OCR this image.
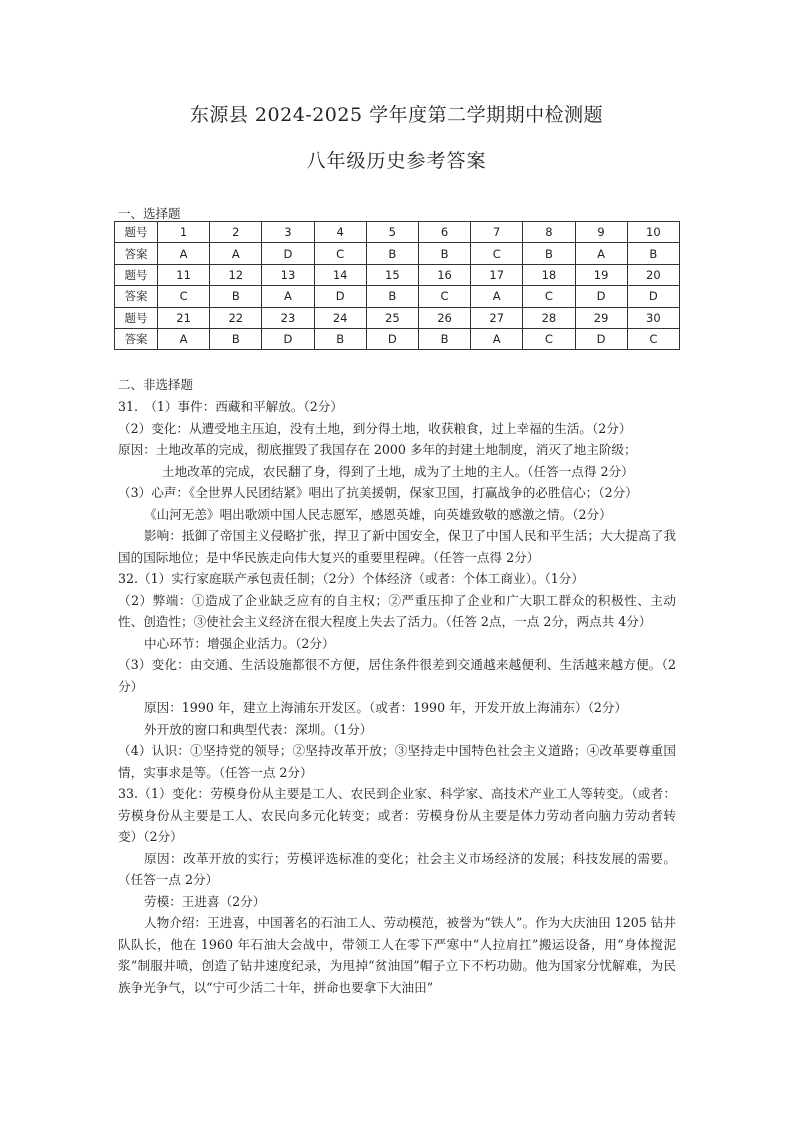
东源县 2024-2025 学年度第二学期期中检测题
八年级历史参考答案
一、选择题
题号	1	2	3	4	5	6	7	8	9	10
答案	A	A	D	C	B	B	C	B	A	B
题号	11	12	13	14	15	16	17	18	19	20
答案	C	B	A	D	B	C	A	C	D	D
题号	21	22	23	24	25	26	27	28	29	30
答案	A	B	D	B	D	B	A	C	D	C
二、非选择题

31.　（1）事件：西藏和平解放。（2分）

（2）变化：从遭受地主压迫，没有土地，到分得土地，收获粮食，过上幸福的生活。（2分）

原因：土地改革的完成，彻底摧毁了我国存在 2000 多年的封建土地制度，消灭了地主阶级；

土地改革的完成，农民翻了身，得到了土地，成为了土地的主人。（任答一点得 2分）

（3）心声：《全世界人民团结紧》唱出了抗美援朝，保家卫国，打赢战争的必胜信心；（2分）

《山河无恙》唱出歌颂中国人民志愿军，感恩英雄，向英雄致敬的感激之情。（2分）

影响：抵御了帝国主义侵略扩张，捍卫了新中国安全，保卫了中国人民和平生活；大大提高了我国的国际地位；是中华民族走向伟大复兴的重要里程碑。（任答一点得 2分）

32.（1）实行家庭联产承包责任制；（2分）个体经济（或者：个体工商业）。（1分）

（2）弊端：①造成了企业缺乏应有的自主权；②严重压抑了企业和广大职工群众的积极性、主动性、创造性；③使社会主义经济在很大程度上失去了活力。（任答 2点，一点 2分，两点共 4分）

中心环节：增强企业活力。（2分）

（3）变化：由交通、生活设施都很不方便，居住条件很差到交通越来越便利、生活越来越方便。（2分）

原因：1990 年，建立上海浦东开发区。（或者：1990 年，开发开放上海浦东）（2分）

外开放的窗口和典型代表：深圳。（1分）

（4）认识：①坚持党的领导；②坚持改革开放；③坚持走中国特色社会主义道路；④改革要尊重国情，实事求是等。（任答一点 2分）

33.（1）变化：劳模身份从主要是工人、农民到企业家、科学家、高技术产业工人等转变。（或者：劳模身份从主要是工人、农民向多元化转变；或者：劳模身份从主要是体力劳动者向脑力劳动者转变）（2分）

原因：改革开放的实行；劳模评选标准的变化；社会主义市场经济的发展；科技发展的需要。（任答一点 2分）

劳模：王进喜（2分）

人物介绍：王进喜，中国著名的石油工人、劳动模范，被誉为“铁人”。作为大庆油田 1205 钻井队队长，他在 1960 年石油大会战中，带领工人在零下严寒中“人拉肩扛”搬运设备，用“身体搅泥浆”制服井喷，创造了钻井速度纪录，为甩掉“贫油国”帽子立下不朽功勋。他为国家分忧解难，为民族争光争气，以“宁可少活二十年，拼命也要拿下大油田”
